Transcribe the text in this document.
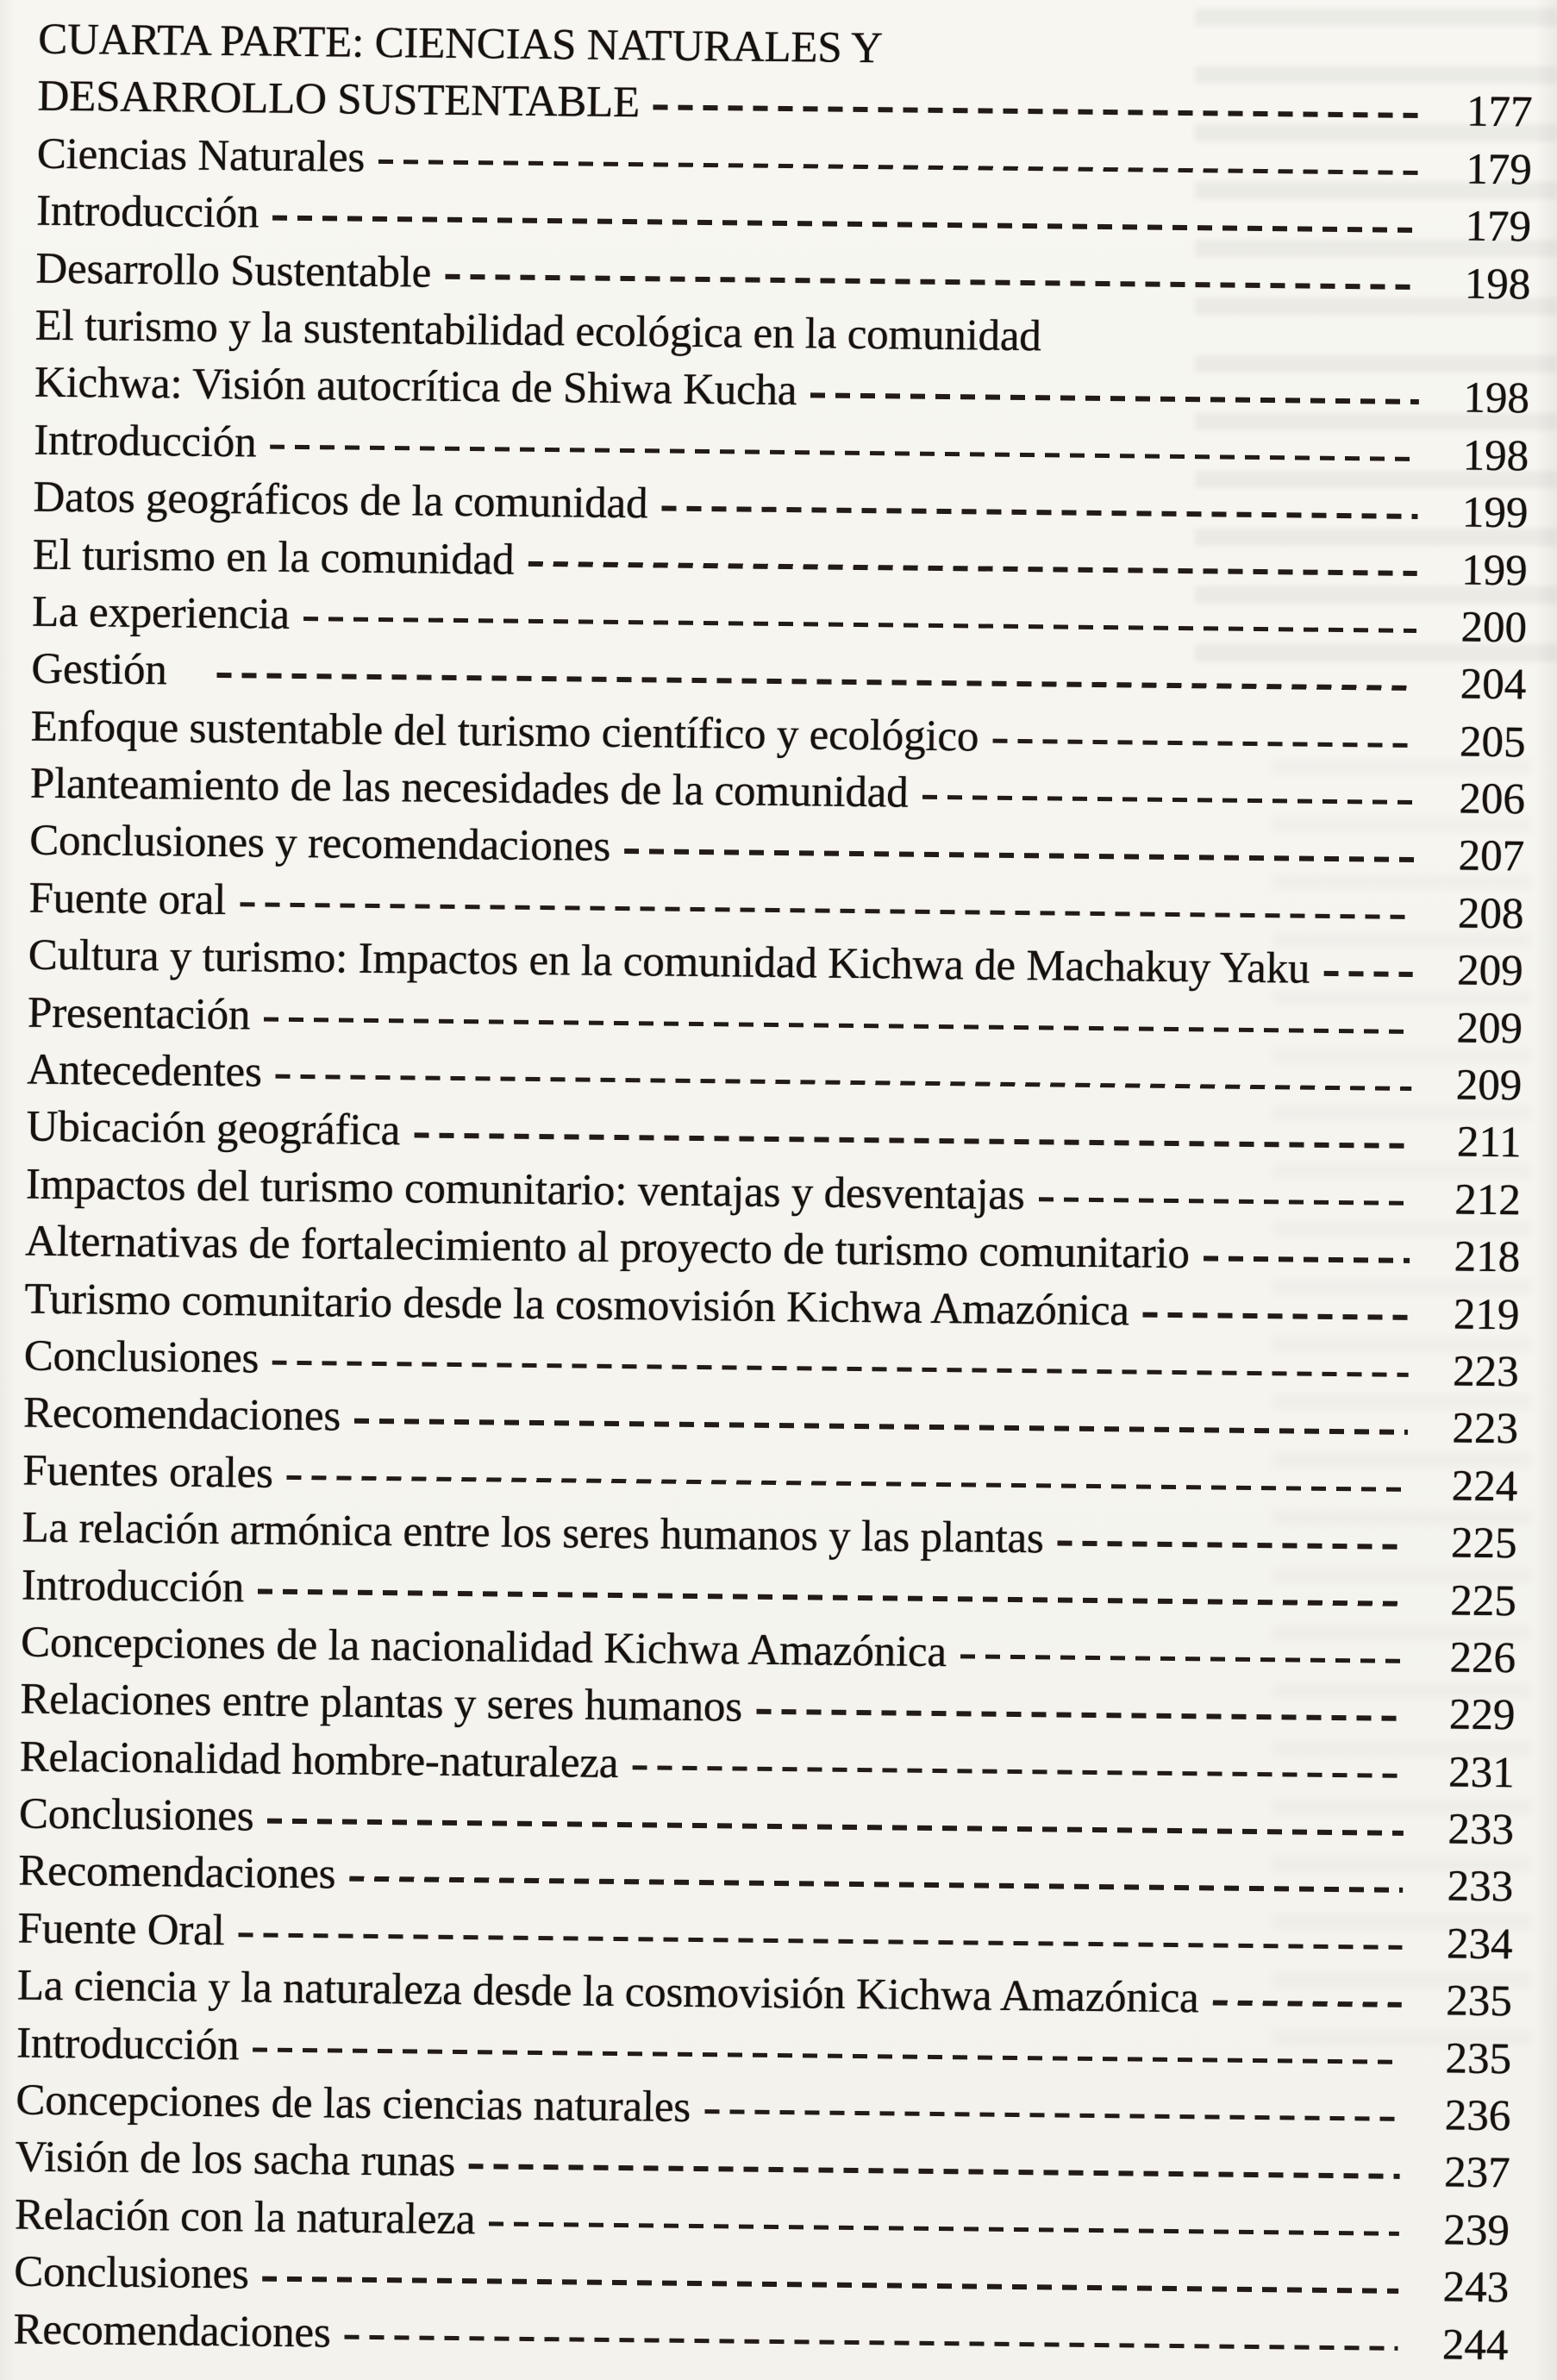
CUARTA PARTE: CIENCIAS NATURALES Y
DESARROLLO SUSTENTABLE	177
Ciencias Naturales	179
Introducción	179
Desarrollo Sustentable	198
El turismo y la sustentabilidad ecológica en la comunidad
Kichwa: Visión autocrítica de Shiwa Kucha	198
Introducción	198
Datos geográficos de la comunidad	199
El turismo en la comunidad	199
La experiencia	200
Gestión	204
Enfoque sustentable del turismo científico y ecológico	205
Planteamiento de las necesidades de la comunidad	206
Conclusiones y recomendaciones	207
Fuente oral	208
Cultura y turismo: Impactos en la comunidad Kichwa de Machakuy Yaku	209
Presentación	209
Antecedentes	209
Ubicación geográfica	211
Impactos del turismo comunitario: ventajas y desventajas	212
Alternativas de fortalecimiento al proyecto de turismo comunitario	218
Turismo comunitario desde la cosmovisión Kichwa Amazónica	219
Conclusiones	223
Recomendaciones	223
Fuentes orales	224
La relación armónica entre los seres humanos y las plantas	225
Introducción	225
Concepciones de la nacionalidad Kichwa Amazónica	226
Relaciones entre plantas y seres humanos	229
Relacionalidad hombre-naturaleza	231
Conclusiones	233
Recomendaciones	233
Fuente Oral	234
La ciencia y la naturaleza desde la cosmovisión Kichwa Amazónica	235
Introducción	235
Concepciones de las ciencias naturales	236
Visión de los sacha runas	237
Relación con la naturaleza	239
Conclusiones	243
Recomendaciones	244
